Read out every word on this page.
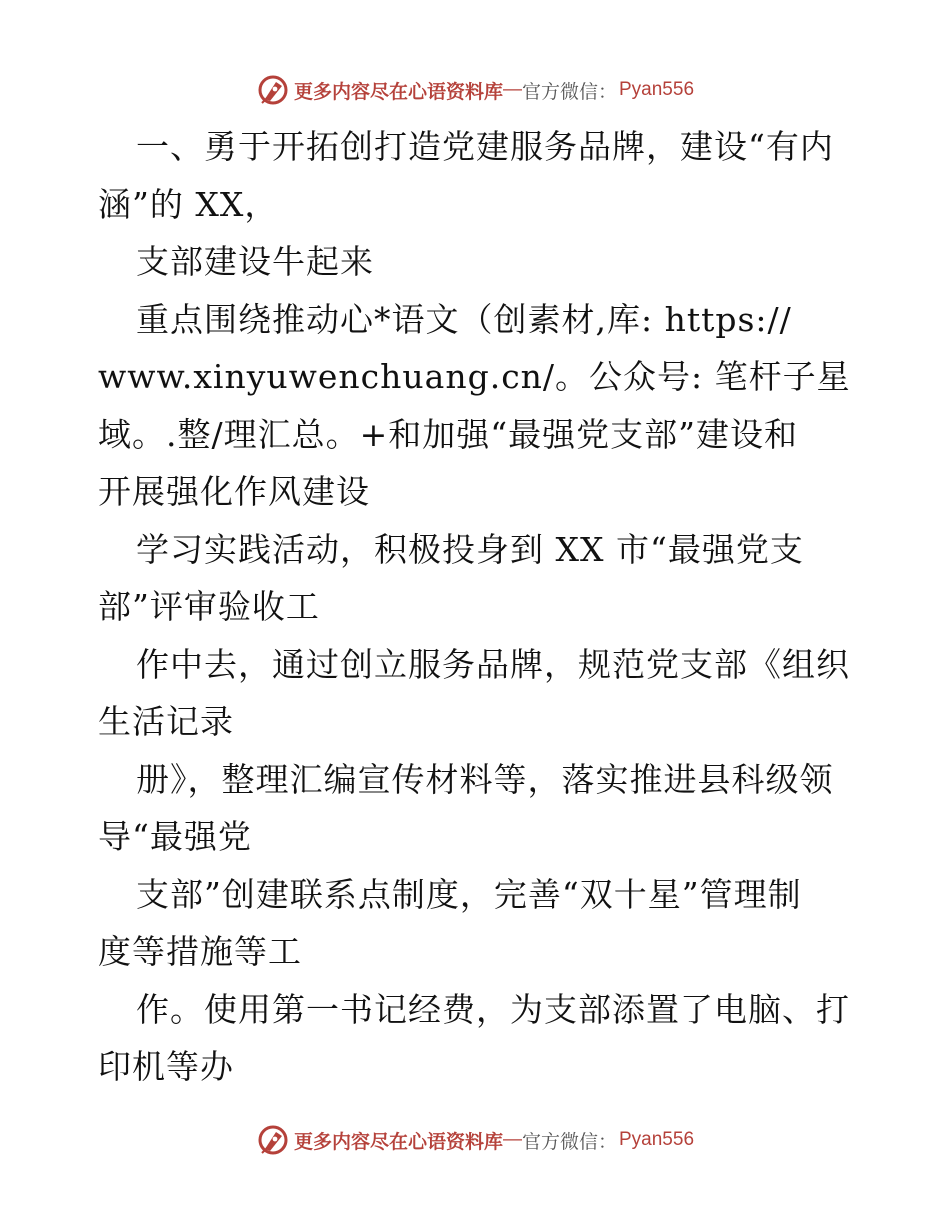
更多内容尽在心语资料库 — 官方微信： Pyan556

一、勇于开拓创打造党建服务品牌，建设“有内
涵”的 XX，

支部建设牛起来

重点围绕推动心*语文（创素材,库: https://
www.xinyuwenchuang.cn/。公众号: 笔杆子星
域。.整/理汇总。+和加强“最强党支部”建设和
开展强化作风建设

学习实践活动，积极投身到 XX 市“最强党支
部”评审验收工

作中去，通过创立服务品牌，规范党支部《组织
生活记录

册》，整理汇编宣传材料等，落实推进县科级领
导“最强党

支部”创建联系点制度，完善“双十星”管理制
度等措施等工

作。使用第一书记经费，为支部添置了电脑、打
印机等办

更多内容尽在心语资料库 — 官方微信： Pyan556
